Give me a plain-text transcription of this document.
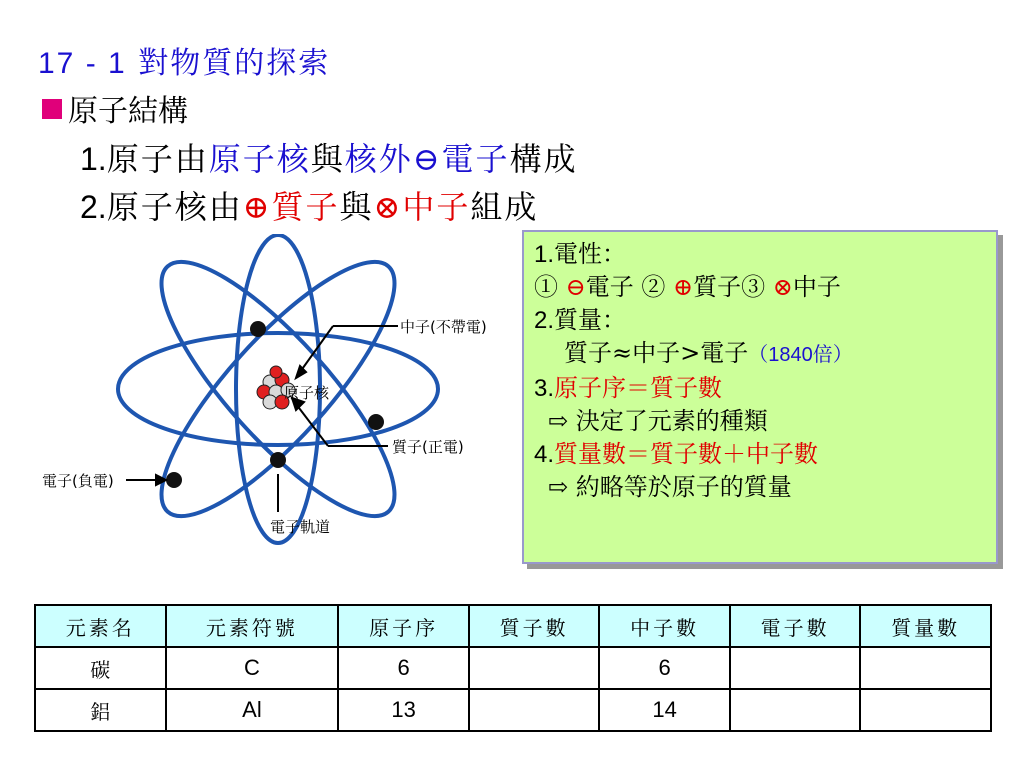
17 - 1 對物質的探索
原子結構
1.原子由原子核與核外⊖電子構成
2.原子核由⊕質子與⊗中子組成
中子(不帶電)
原子核
質子(正電)
電子(負電)
電子軌道
1.電性：
① ⊖電子 ② ⊕質子③ ⊗中子
2.質量：
質子≈中子>電子（1840倍）
3.原子序＝質子數
⇨ 決定了元素的種類
4.質量數＝質子數＋中子數
⇨ 約略等於原子的質量
元素名	元素符號	原子序	質子數	中子數	電子數	質量數
碳	C	6		6		
鋁	Al	13		14		
